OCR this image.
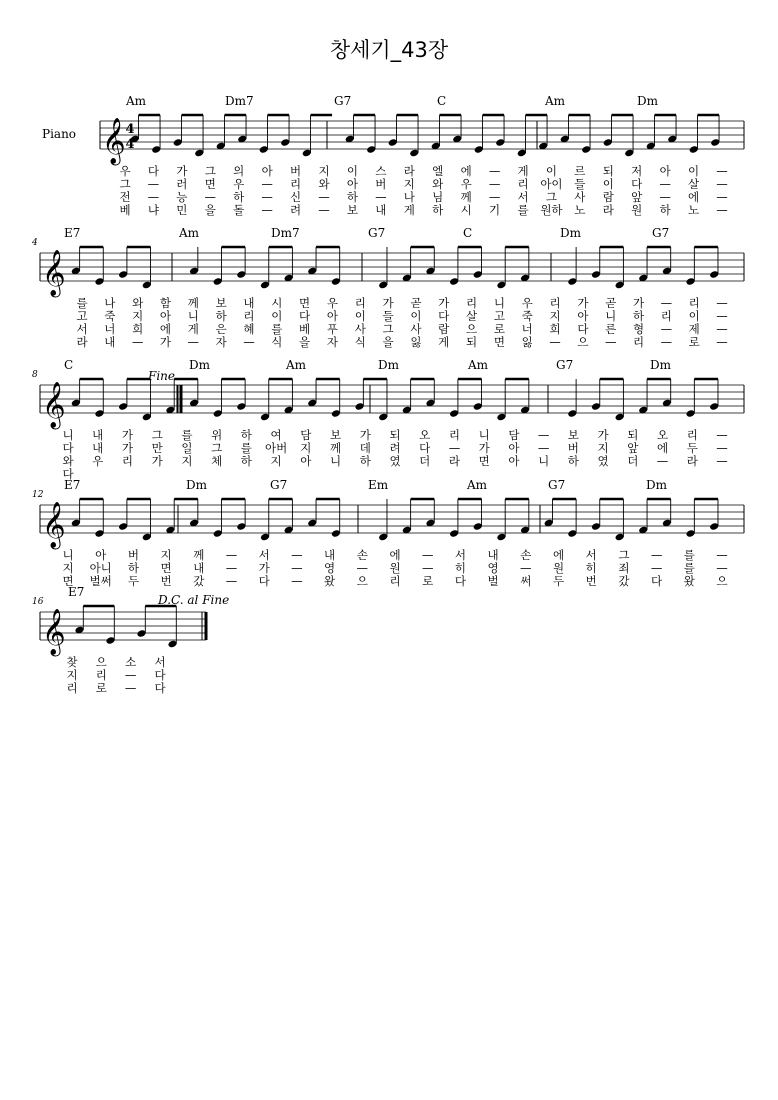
창세기_43장
𝄞
Am	Dm7	G7	C	Am	Dm
우 다 가 그 의 아 버 지 이 스 라 엘 에 — 게 이 르 되 저 아 이 —
그 — 러 면 우 — 리 와 아 버 지 와 우 — 리 아이 들 이 다 — 살 —
전 — 능 — 하 — 신 — 하 — 나 님 께 — 서 그 사 람 앞 — 에 —
베 냐 민 을 돌 — 려 — 보 내 게 하 시 기 를 원하 노 라 원 하 노 —
𝄞
4
E7	Am	Dm7	G7	C	Dm	G7
를 나 와 함 께 보 내 시 면 우 리 가 곧 가 리 니 우 리 가 곧 가 — 리 —
고 죽 지 아 니 하 리 이 다 아 이 들 이 다 살 고 죽 지 아 니 하 리 이 —
서 너 희 에 게 은 혜 를 베 푸 사 그 사 람 으 로 너 희 다 른 형 — 제 —
라 내 — 가 — 자 — 식 을 자 식 을 잃 게 되 면 잃 — 으 — 리 — 로 —
𝄞
8
C	Dm	Am	Dm	Am	G7	Dm
니 내 가 그 를 위 하 여 담 보 가 되 오 리 니 담 — 보 가 되 오 리 —
다 내 가 만 일 그 를 아버 지 께 데 려 다 — 가 아 — 버 지 앞 에 두 —
와 우 리 가 지 체 하 지 아 니 하 였 더 라 면 아 니 하 였 더 — 라 —
다
𝄞
12
E7	Dm	G7	Em	Am	G7	Dm
니 아 버 지 께 — 서 — 내 손 에 — 서 내 손 에 서 그 — 를 —
지 아니 하 면 내 — 가 — 영 — 원 — 히 영 — 원 히 죄 — 를 —
면 벌써 두 번 갔 — 다 — 왔 으 리 로 다 벌 써 두 번 갔 다 왔 으
𝄞
16
E7
찾 으 소 서
지 리 — 다
리 로 — 다
Piano	4
4
Fine
D.C. al Fine
